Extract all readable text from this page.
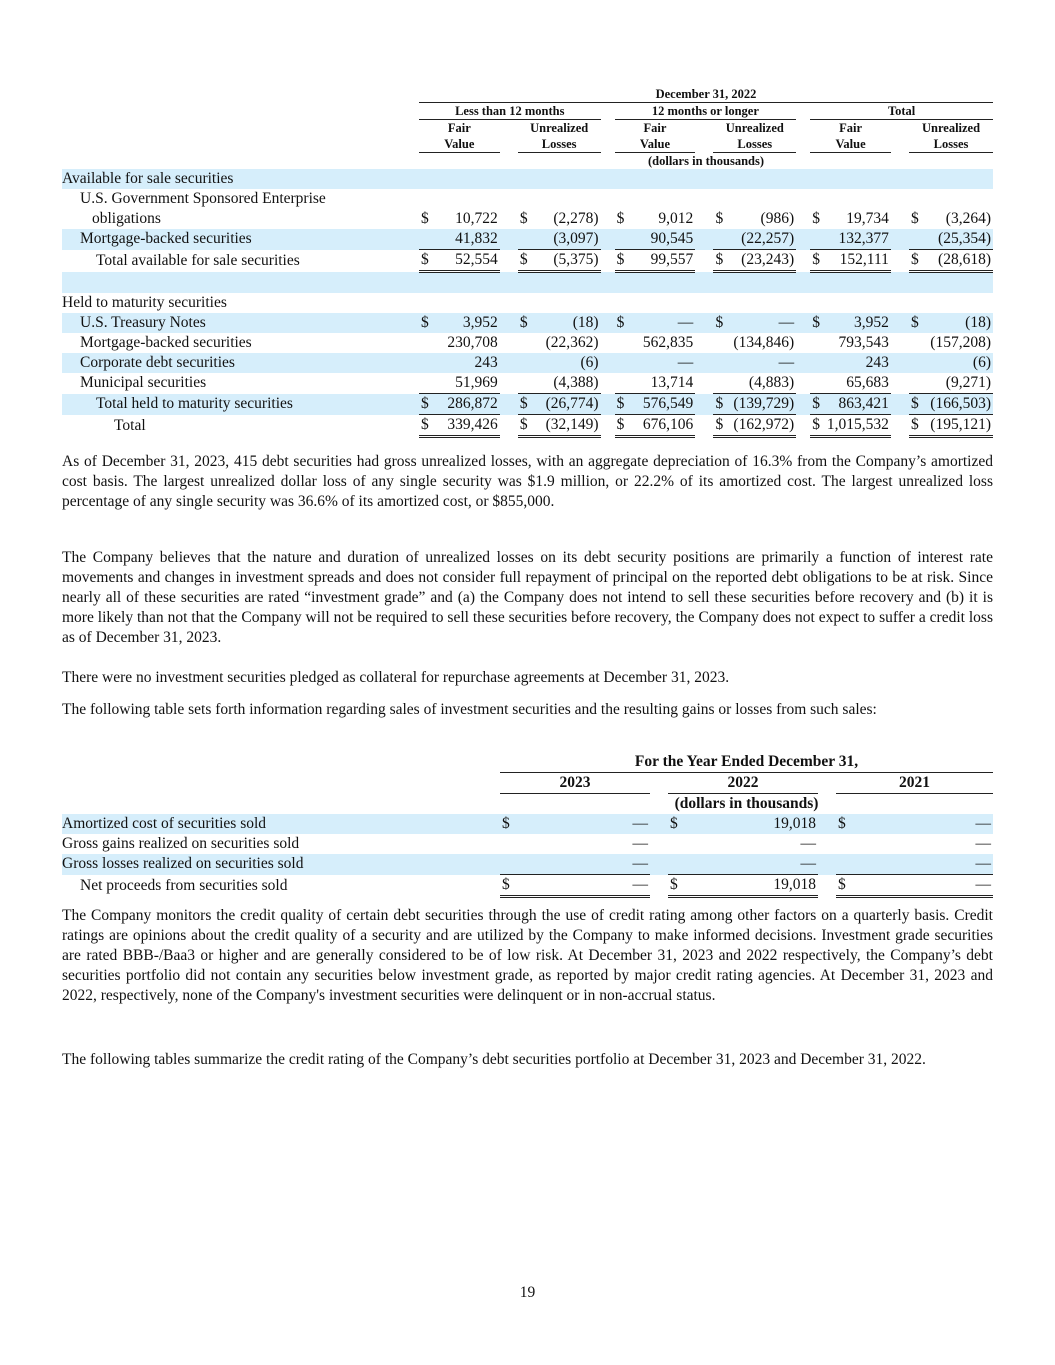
		December 31, 2022																
		Less than 12 months						12 months or longer						Total				
		Fair			Unrealized			Fair			Unrealized			Fair			Unrealized	
		Value			Losses			Value			Losses			Value			Losses	
		(dollars in thousands)																
Available for sale securities																		
U.S. Government Sponsored Enterprise																		
obligations		$	10,722		$	(2,278)		$	9,012		$	(986)		$	19,734		$	(3,264)
Mortgage-backed securities			41,832			(3,097)			90,545			(22,257)			132,377			(25,354)
Total available for sale securities		$	52,554		$	(5,375)		$	99,557		$	(23,243)		$	152,111		$	(28,618)

Held to maturity securities																		
U.S. Treasury Notes		$	3,952		$	(18)		$	—		$	—		$	3,952		$	(18)
Mortgage-backed securities			230,708			(22,362)			562,835			(134,846)			793,543			(157,208)
Corporate debt securities			243			(6)			—			—			243			(6)
Municipal securities			51,969			(4,388)			13,714			(4,883)			65,683			(9,271)
Total held to maturity securities		$	286,872		$	(26,774)		$	576,549		$	(139,729)		$	863,421		$	(166,503)
Total		$	339,426		$	(32,149)		$	676,106		$	(162,972)		$	1,015,532		$	(195,121)

As of December 31, 2023, 415 debt securities had gross unrealized losses, with an aggregate depreciation of 16.3% from the Company’s amortized cost basis. The largest unrealized dollar loss of any single security was $1.9 million, or 22.2% of its amortized cost. The largest unrealized loss percentage of any single security was 36.6% of its amortized cost, or $855,000.

The Company believes that the nature and duration of unrealized losses on its debt security positions are primarily a function of interest rate movements and changes in investment spreads and does not consider full repayment of principal on the reported debt obligations to be at risk. Since nearly all of these securities are rated “investment grade” and (a) the Company does not intend to sell these securities before recovery and (b) it is more likely than not that the Company will not be required to sell these securities before recovery, the Company does not expect to suffer a credit loss as of December 31, 2023.

There were no investment securities pledged as collateral for repurchase agreements at December 31, 2023.

The following table sets forth information regarding sales of investment securities and the resulting gains or losses from such sales:

	For the Year Ended December 31,							
	2023			2022			2021	
	(dollars in thousands)							
Amortized cost of securities sold	$	—		$	19,018		$	—
Gross gains realized on securities sold		—			—			—
Gross losses realized on securities sold		—			—			—
Net proceeds from securities sold	$	—		$	19,018		$	—

The Company monitors the credit quality of certain debt securities through the use of credit rating among other factors on a quarterly basis. Credit ratings are opinions about the credit quality of a security and are utilized by the Company to make informed decisions. Investment grade securities are rated BBB-/Baa3 or higher and are generally considered to be of low risk. At December 31, 2023 and 2022 respectively, the Company’s debt securities portfolio did not contain any securities below investment grade, as reported by major credit rating agencies. At December 31, 2023 and 2022, respectively, none of the Company's investment securities were delinquent or in non-accrual status.

The following tables summarize the credit rating of the Company’s debt securities portfolio at December 31, 2023 and December 31, 2022.

19
